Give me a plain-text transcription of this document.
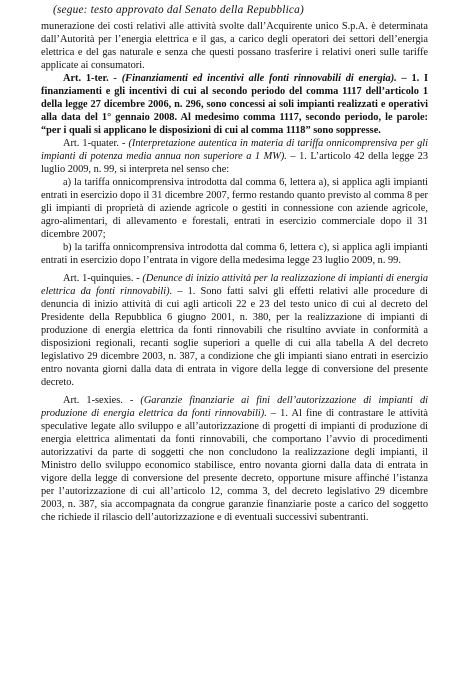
(segue: testo approvato dal Senato della Repubblica)

munerazione dei costi relativi alle attività svolte dall’Acquirente unico S.p.A. è determinata dall’Autorità per l’energia elettrica e il gas, a carico degli operatori dei settori dell’energia elettrica e del gas naturale e senza che questi possano trasferire i relativi oneri sulle tariffe applicate ai consumatori.

Art. 1-ter. - (Finanziamenti ed incentivi alle fonti rinnovabili di energia). – 1. I finanziamenti e gli incentivi di cui al secondo periodo del comma 1117 dell’articolo 1 della legge 27 dicembre 2006, n. 296, sono concessi ai soli impianti realizzati e operativi alla data del 1° gennaio 2008. Al medesimo comma 1117, secondo periodo, le parole: “per i quali si applicano le disposizioni di cui al comma 1118” sono soppresse.

Art. 1-quater. - (Interpretazione autentica in materia di tariffa onnicomprensiva per gli impianti di potenza media annua non superiore a 1 MW). – 1. L’articolo 42 della legge 23 luglio 2009, n. 99, si interpreta nel senso che:

a) la tariffa onnicomprensiva introdotta dal comma 6, lettera a), si applica agli impianti entrati in esercizio dopo il 31 dicembre 2007, fermo restando quanto previsto al comma 8 per gli impianti di proprietà di aziende agricole o gestiti in connessione con aziende agricole, agro-alimentari, di allevamento e forestali, entrati in esercizio commerciale dopo il 31 dicembre 2007;

b) la tariffa onnicomprensiva introdotta dal comma 6, lettera c), si applica agli impianti entrati in esercizio dopo l’entrata in vigore della medesima legge 23 luglio 2009, n. 99.

Art. 1-quinquies. - (Denunce di inizio attività per la realizzazione di impianti di energia elettrica da fonti rinnovabili). – 1. Sono fatti salvi gli effetti relativi alle procedure di denuncia di inizio attività di cui agli articoli 22 e 23 del testo unico di cui al decreto del Presidente della Repubblica 6 giugno 2001, n. 380, per la realizzazione di impianti di produzione di energia elettrica da fonti rinnovabili che risultino avviate in conformità a disposizioni regionali, recanti soglie superiori a quelle di cui alla tabella A del decreto legislativo 29 dicembre 2003, n. 387, a condizione che gli impianti siano entrati in esercizio entro novanta giorni dalla data di entrata in vigore della legge di conversione del presente decreto.

Art. 1-sexies. - (Garanzie finanziarie ai fini dell’autorizzazione di impianti di produzione di energia elettrica da fonti rinnovabili). – 1. Al fine di contrastare le attività speculative legate allo sviluppo e all’autorizzazione di progetti di impianti di produzione di energia elettrica alimentati da fonti rinnovabili, che comportano l’avvio di procedimenti autorizzativi da parte di soggetti che non concludono la realizzazione degli impianti, il Ministro dello sviluppo economico stabilisce, entro novanta giorni dalla data di entrata in vigore della legge di conversione del presente decreto, opportune misure affinché l’istanza per l’autorizzazione di cui all’articolo 12, comma 3, del decreto legislativo 29 dicembre 2003, n. 387, sia accompagnata da congrue garanzie finanziarie poste a carico del soggetto che richiede il rilascio dell’autorizzazione e di eventuali successivi subentranti.
